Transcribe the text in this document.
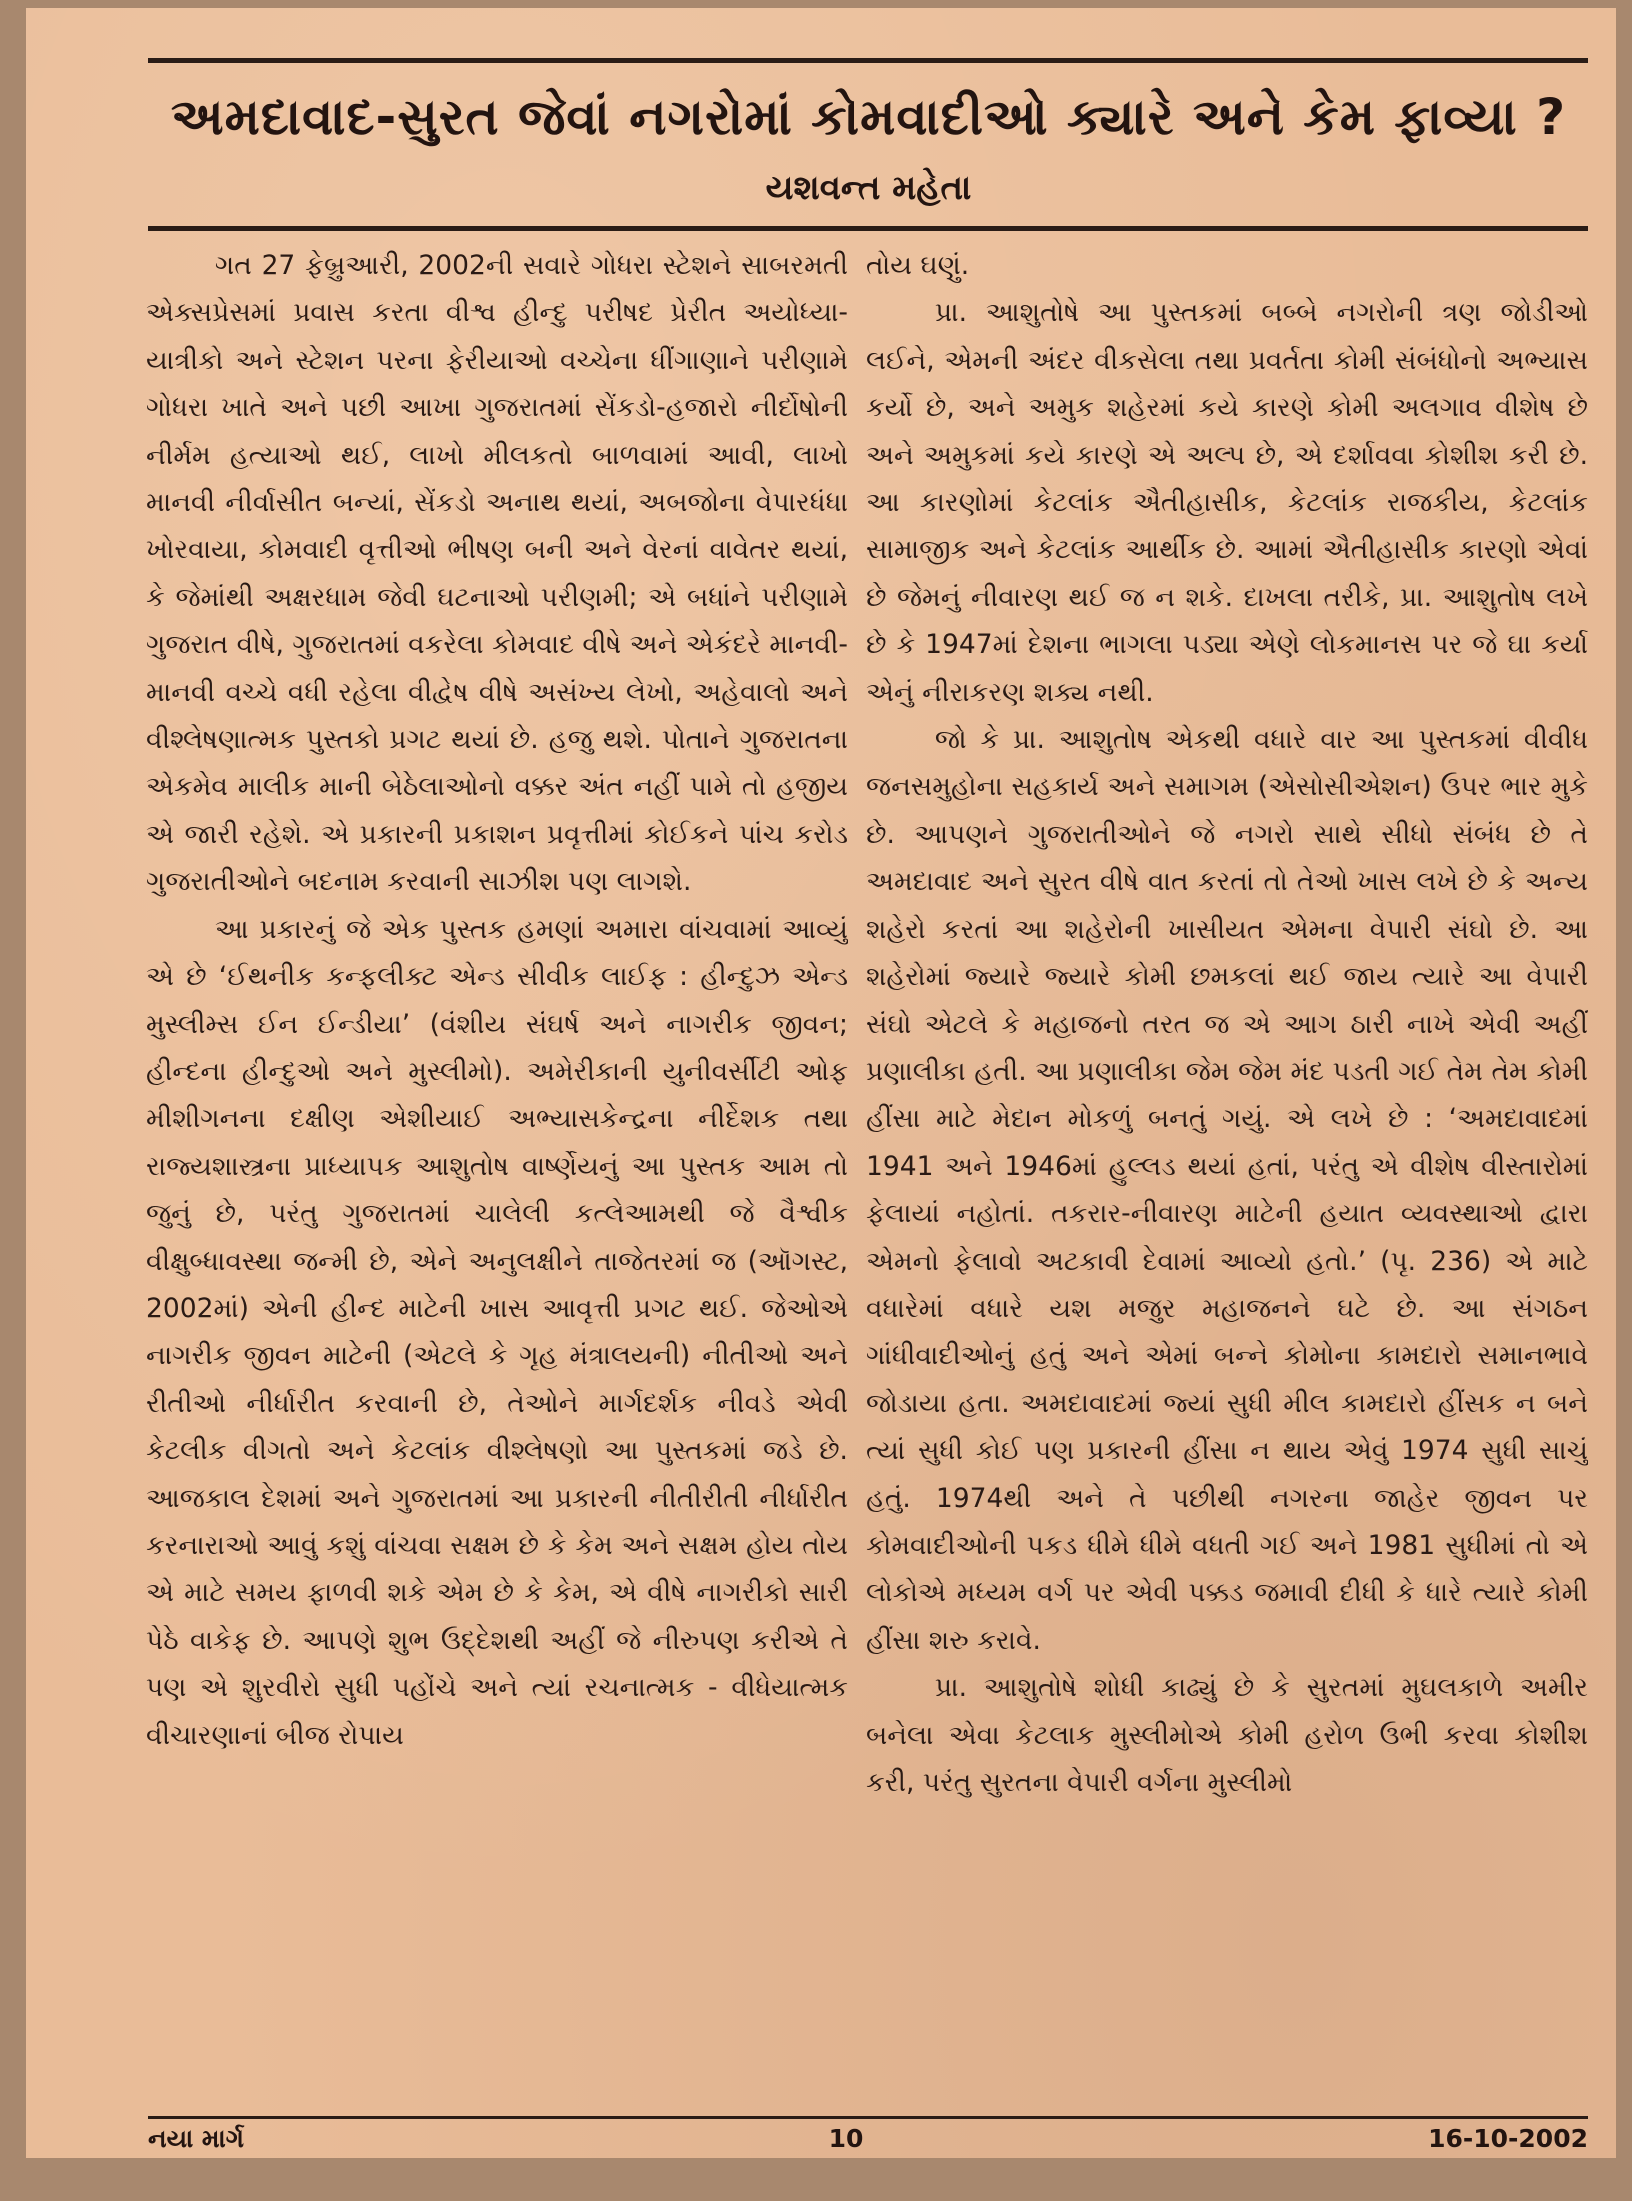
અમદાવાદ-સુરત જેવાં નગરોમાં કોમવાદીઓ ક્યારે અને કેમ ફાવ્યા ?
યશવન્ત મહેતા

ગત 27 ફેબ્રુઆરી, 2002ની સવારે ગોધરા સ્ટેશને સાબરમતી એક્સપ્રેસમાં પ્રવાસ કરતા વીશ્વ હીન્દુ પરીષદ પ્રેરીત અયોધ્યા-યાત્રીકો અને સ્ટેશન પરના ફેરીયાઓ વચ્ચેના ધીંગાણાને પરીણામે ગોધરા ખાતે અને પછી આખા ગુજરાતમાં સેંકડો-હજારો નીર્દોષોની નીર્મમ હત્યાઓ થઈ, લાખો મીલકતો બાળવામાં આવી, લાખો માનવી નીર્વાસીત બન્યાં, સેંકડો અનાથ થયાં, અબજોના વેપારધંધા ખોરવાયા, કોમવાદી વૃત્તીઓ ભીષણ બની અને વેરનાં વાવેતર થયાં, કે જેમાંથી અક્ષરધામ જેવી ઘટનાઓ પરીણમી; એ બધાંને પરીણામે ગુજરાત વીષે, ગુજરાતમાં વકરેલા કોમવાદ વીષે અને એકંદરે માનવી-માનવી વચ્ચે વધી રહેલા વીદ્વેષ વીષે અસંખ્ય લેખો, અહેવાલો અને વીશ્લેષણાત્મક પુસ્તકો પ્રગટ થયાં છે. હજુ થશે. પોતાને ગુજરાતના એકમેવ માલીક માની બેઠેલાઓનો વક્કર અંત નહીં પામે તો હજીય એ જારી રહેશે. એ પ્રકારની પ્રકાશન પ્રવૃત્તીમાં કોઈકને પાંચ કરોડ ગુજરાતીઓને બદનામ કરવાની સાઝીશ પણ લાગશે.

આ પ્રકારનું જે એક પુસ્તક હમણાં અમારા વાંચવામાં આવ્યું એ છે ‘ઈથનીક કન્ફલીક્ટ એન્ડ સીવીક લાઈફ : હીન્દુઝ એન્ડ મુસ્લીમ્સ ઈન ઈન્ડીયા’ (વંશીય સંઘર્ષ અને નાગરીક જીવન; હીન્દના હીન્દુઓ અને મુસ્લીમો). અમેરીકાની યુનીવર્સીટી ઓફ મીશીગનના દક્ષીણ એશીયાઈ અભ્યાસકેન્દ્રના નીર્દેશક તથા રાજ્યશાસ્ત્રના પ્રાધ્યાપક આશુતોષ વાર્ષ્ણેયનું આ પુસ્તક આમ તો જુનું છે, પરંતુ ગુજરાતમાં ચાલેલી કત્લેઆમથી જે વૈશ્વીક વીક્ષુબ્ધાવસ્થા જન્મી છે, એને અનુલક્ષીને તાજેતરમાં જ (ઑગસ્ટ, 2002માં) એની હીન્દ માટેની ખાસ આવૃત્તી પ્રગટ થઈ. જેઓએ નાગરીક જીવન માટેની (એટલે કે ગૃહ મંત્રાલયની) નીતીઓ અને રીતીઓ નીર્ધારીત કરવાની છે, તેઓને માર્ગદર્શક નીવડે એવી કેટલીક વીગતો અને કેટલાંક વીશ્લેષણો આ પુસ્તકમાં જડે છે. આજકાલ દેશમાં અને ગુજરાતમાં આ પ્રકારની નીતીરીતી નીર્ધારીત કરનારાઓ આવું કશું વાંચવા સક્ષમ છે કે કેમ અને સક્ષમ હોય તોય એ માટે સમય ફાળવી શકે એમ છે કે કેમ, એ વીષે નાગરીકો સારી પેઠે વાકેફ છે. આપણે શુભ ઉદ્દેશથી અહીં જે નીરુપણ કરીએ તે પણ એ શુરવીરો સુધી પહોંચે અને ત્યાં રચનાત્મક - વીધેયાત્મક વીચારણાનાં બીજ રોપાય

તોય ઘણું.

પ્રા. આશુતોષે આ પુસ્તકમાં બબ્બે નગરોની ત્રણ જોડીઓ લઈને, એમની અંદર વીકસેલા તથા પ્રવર્તતા કોમી સંબંધોનો અભ્યાસ કર્યો છે, અને અમુક શહેરમાં કયે કારણે કોમી અલગાવ વીશેષ છે અને અમુકમાં કયે કારણે એ અલ્પ છે, એ દર્શાવવા કોશીશ કરી છે. આ કારણોમાં કેટલાંક ઐતીહાસીક, કેટલાંક રાજકીય, કેટલાંક સામાજીક અને કેટલાંક આર્થીક છે. આમાં ઐતીહાસીક કારણો એવાં છે જેમનું નીવારણ થઈ જ ન શકે. દાખલા તરીકે, પ્રા. આશુતોષ લખે છે કે 1947માં દેશના ભાગલા પડ્યા એણે લોકમાનસ પર જે ઘા કર્યા એનું નીરાકરણ શક્ય નથી.

જો કે પ્રા. આશુતોષ એકથી વધારે વાર આ પુસ્તકમાં વીવીધ જનસમુહોના સહકાર્ય અને સમાગમ (એસોસીએશન) ઉપર ભાર મુકે છે. આપણને ગુજરાતીઓને જે નગરો સાથે સીધો સંબંધ છે તે અમદાવાદ અને સુરત વીષે વાત કરતાં તો તેઓ ખાસ લખે છે કે અન્ય શહેરો કરતાં આ શહેરોની ખાસીયત એમના વેપારી સંઘો છે. આ શહેરોમાં જ્યારે જ્યારે કોમી છમકલાં થઈ જાય ત્યારે આ વેપારી સંઘો એટલે કે મહાજનો તરત જ એ આગ ઠારી નાખે એવી અહીં પ્રણાલીકા હતી. આ પ્રણાલીકા જેમ જેમ મંદ પડતી ગઈ તેમ તેમ કોમી હીંસા માટે મેદાન મોકળું બનતું ગયું. એ લખે છે : ‘અમદાવાદમાં 1941 અને 1946માં હુલ્લડ થયાં હતાં, પરંતુ એ વીશેષ વીસ્તારોમાં ફેલાયાં નહોતાં. તકરાર-નીવારણ માટેની હયાત વ્યવસ્થાઓ દ્વારા એમનો ફેલાવો અટકાવી દેવામાં આવ્યો હતો.’ (પૃ. 236) એ માટે વધારેમાં વધારે યશ મજુર મહાજનને ઘટે છે. આ સંગઠન ગાંધીવાદીઓનું હતું અને એમાં બન્ને કોમોના કામદારો સમાનભાવે જોડાયા હતા. અમદાવાદમાં જ્યાં સુધી મીલ કામદારો હીંસક ન બને ત્યાં સુધી કોઈ પણ પ્રકારની હીંસા ન થાય એવું 1974 સુધી સાચું હતું. 1974થી અને તે પછીથી નગરના જાહેર જીવન પર કોમવાદીઓની પકડ ધીમે ધીમે વધતી ગઈ અને 1981 સુધીમાં તો એ લોકોએ મધ્યમ વર્ગ પર એવી પક્કડ જમાવી દીધી કે ધારે ત્યારે કોમી હીંસા શરુ કરાવે.

પ્રા. આશુતોષે શોધી કાઢ્યું છે કે સુરતમાં મુઘલકાળે અમીર બનેલા એવા કેટલાક મુસ્લીમોએ કોમી હરોળ ઉભી કરવા કોશીશ કરી, પરંતુ સુરતના વેપારી વર્ગના મુસ્લીમો

નયા માર્ગ	10	16-10-2002
